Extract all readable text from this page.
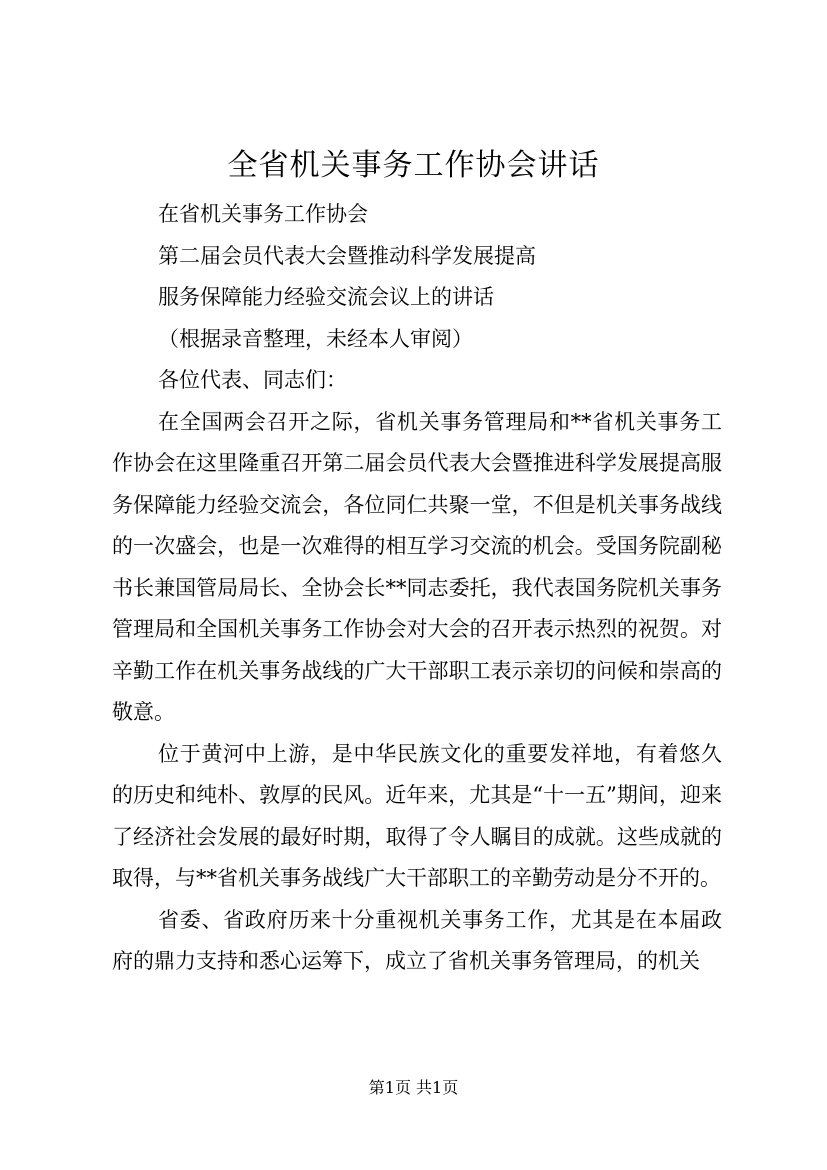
全省机关事务工作协会讲话

在省机关事务工作协会

第二届会员代表大会暨推动科学发展提高

服务保障能力经验交流会议上的讲话

（根据录音整理，未经本人审阅）

各位代表、同志们：

在全国两会召开之际，省机关事务管理局和**省机关事务工作协会在这里隆重召开第二届会员代表大会暨推进科学发展提高服务保障能力经验交流会，各位同仁共聚一堂，不但是机关事务战线的一次盛会，也是一次难得的相互学习交流的机会。受国务院副秘书长兼国管局局长、全协会长**同志委托，我代表国务院机关事务管理局和全国机关事务工作协会对大会的召开表示热烈的祝贺。对辛勤工作在机关事务战线的广大干部职工表示亲切的问候和崇高的敬意。

位于黄河中上游，是中华民族文化的重要发祥地，有着悠久的历史和纯朴、敦厚的民风。近年来，尤其是“十一五”期间，迎来了经济社会发展的最好时期，取得了令人瞩目的成就。这些成就的取得，与**省机关事务战线广大干部职工的辛勤劳动是分不开的。

省委、省政府历来十分重视机关事务工作，尤其是在本届政府的鼎力支持和悉心运筹下，成立了省机关事务管理局，的机关

第1页 共1页
